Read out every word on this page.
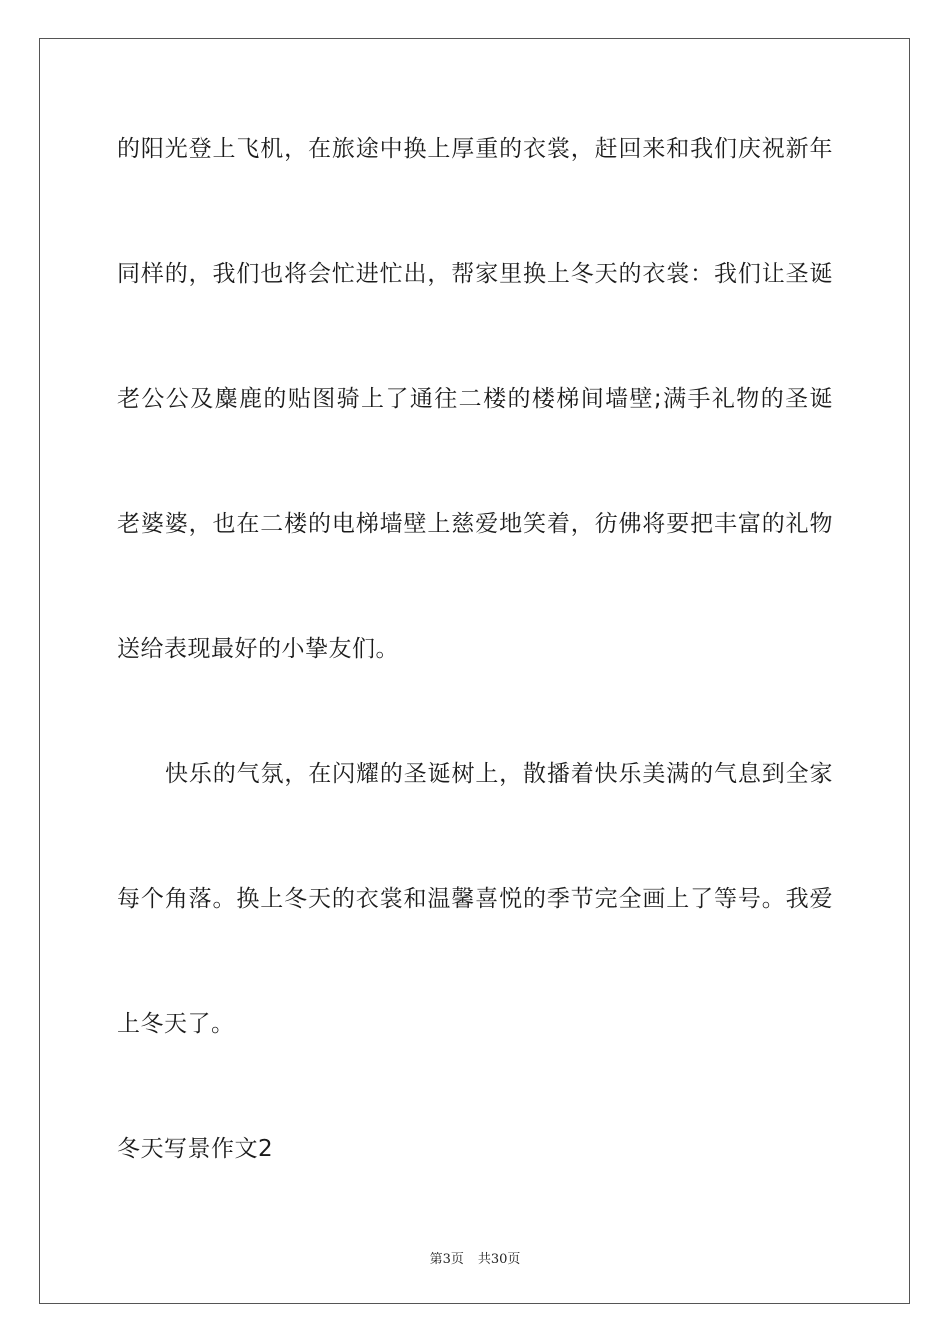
的阳光登上飞机，在旅途中换上厚重的衣裳，赶回来和我们庆祝新年
同样的，我们也将会忙进忙出，帮家里换上冬天的衣裳：我们让圣诞
老公公及麋鹿的贴图骑上了通往二楼的楼梯间墙壁;满手礼物的圣诞
老婆婆，也在二楼的电梯墙壁上慈爱地笑着，彷佛将要把丰富的礼物
送给表现最好的小挚友们。
快乐的气氛，在闪耀的圣诞树上，散播着快乐美满的气息到全家
每个角落。换上冬天的衣裳和温馨喜悦的季节完全画上了等号。我爱
上冬天了。
冬天写景作文2
第3页 共30页
